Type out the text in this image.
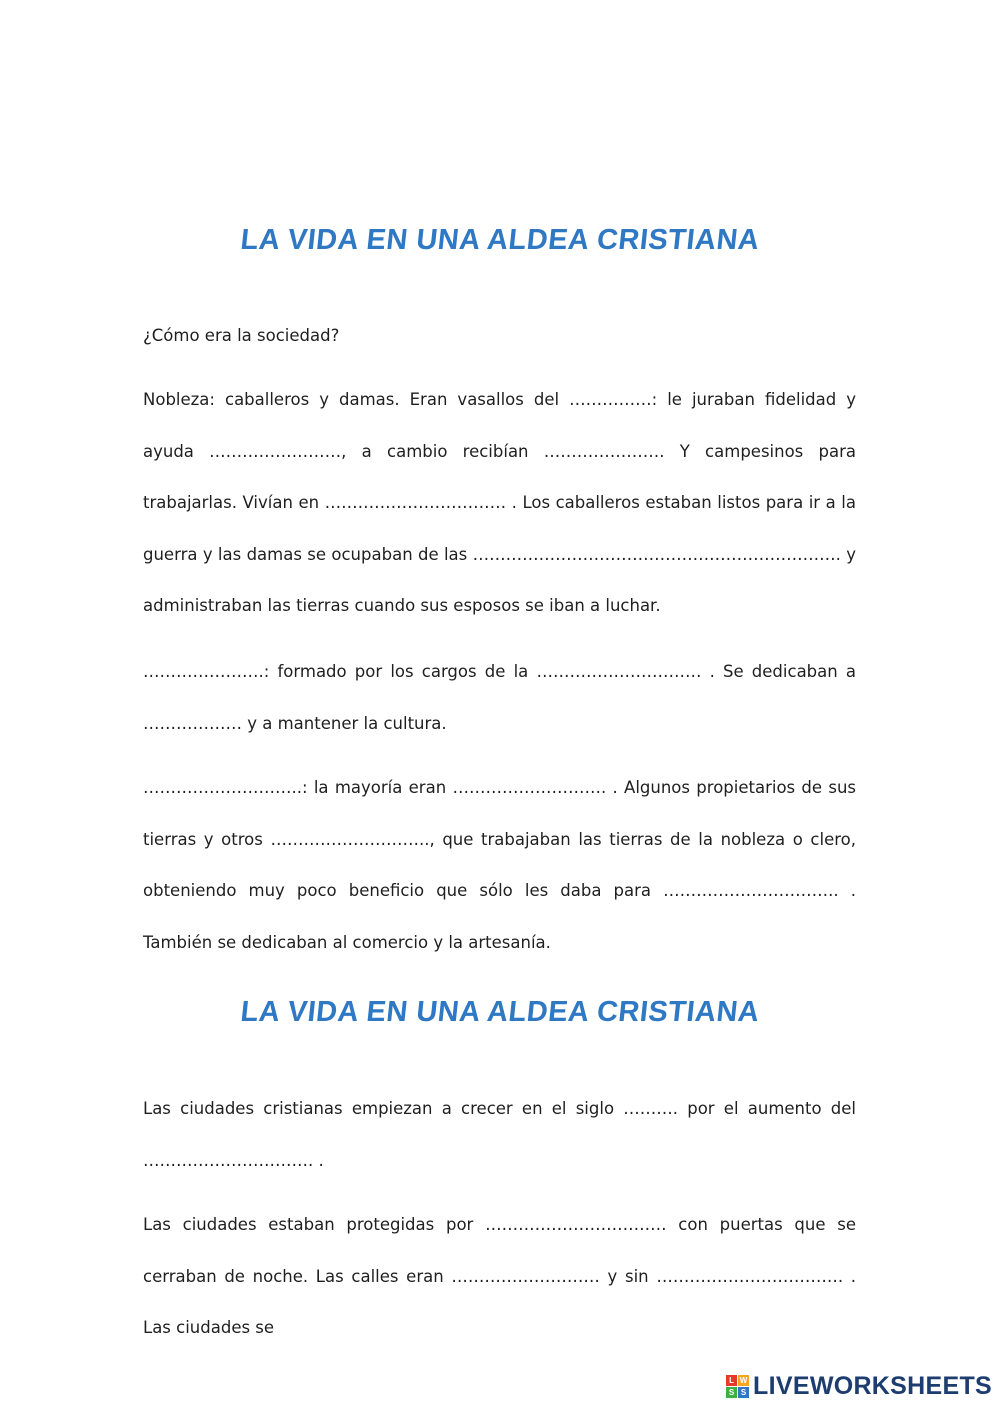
LA VIDA EN UNA ALDEA CRISTIANA

¿Cómo era la sociedad?

Nobleza: caballeros y damas. Eran vasallos del ……………: le juraban fidelidad y ayuda ……………………, a cambio recibían …………………. Y campesinos para trabajarlas. Vivían en …………………………… . Los caballeros estaban listos para ir a la guerra y las damas se ocupaban de las …………………………………………………………. y administraban las tierras cuando sus esposos se iban a luchar.

………………….: formado por los cargos de la ………………………… . Se dedicaban a ……………… y a mantener la cultura.

………………………..: la mayoría eran ………………………. . Algunos propietarios de sus tierras y otros ……………………….., que trabajaban las tierras de la nobleza o clero, obteniendo muy poco beneficio que sólo les daba para ………………………….. . También se dedicaban al comercio y la artesanía.

LA VIDA EN UNA ALDEA CRISTIANA

Las ciudades cristianas empiezan a crecer en el siglo ………. por el aumento del …………………………. .

Las ciudades estaban protegidas por …………………………… con puertas que se cerraban de noche. Las calles eran ……………………… y sin ……………………………. . Las ciudades se

L W
S S LIVEWORKSHEETS
